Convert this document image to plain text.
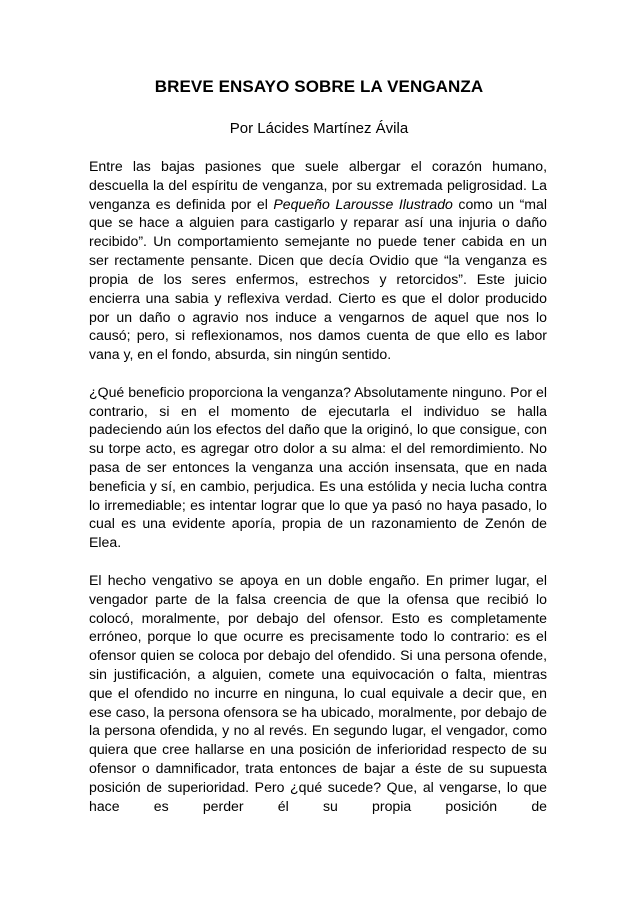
BREVE ENSAYO SOBRE LA VENGANZA
Por Lácides Martínez Ávila

Entre las bajas pasiones que suele albergar el corazón humano, descuella la del espíritu de venganza, por su extremada peligrosidad. La venganza es definida por el Pequeño Larousse Ilustrado como un “mal que se hace a alguien para castigarlo y reparar así una injuria o daño recibido”. Un comportamiento semejante no puede tener cabida en un ser rectamente pensante. Dicen que decía Ovidio que “la venganza es propia de los seres enfermos, estrechos y retorcidos”. Este juicio encierra una sabia y reflexiva verdad. Cierto es que el dolor producido por un daño o agravio nos induce a vengarnos de aquel que nos lo causó; pero, si reflexionamos, nos damos cuenta de que ello es labor vana y, en el fondo, absurda, sin ningún sentido.

¿Qué beneficio proporciona la venganza? Absolutamente ninguno. Por el contrario, si en el momento de ejecutarla el individuo se halla padeciendo aún los efectos del daño que la originó, lo que consigue, con su torpe acto, es agregar otro dolor a su alma: el del remordimiento. No pasa de ser entonces la venganza una acción insensata, que en nada beneficia y sí, en cambio, perjudica. Es una estólida y necia lucha contra lo irremediable; es intentar lograr que lo que ya pasó no haya pasado, lo cual es una evidente aporía, propia de un razonamiento de Zenón de Elea.

El hecho vengativo se apoya en un doble engaño. En primer lugar, el vengador parte de la falsa creencia de que la ofensa que recibió lo colocó, moralmente, por debajo del ofensor. Esto es completamente erróneo, porque lo que ocurre es precisamente todo lo contrario: es el ofensor quien se coloca por debajo del ofendido. Si una persona ofende, sin justificación, a alguien, comete una equivocación o falta, mientras que el ofendido no incurre en ninguna, lo cual equivale a decir que, en ese caso, la persona ofensora se ha ubicado, moralmente, por debajo de la persona ofendida, y no al revés. En segundo lugar, el vengador, como quiera que cree hallarse en una posición de inferioridad respecto de su ofensor o damnificador, trata entonces de bajar a éste de su supuesta posición de superioridad. Pero ¿qué sucede? Que, al vengarse, lo que hace es perder él su propia posición de
